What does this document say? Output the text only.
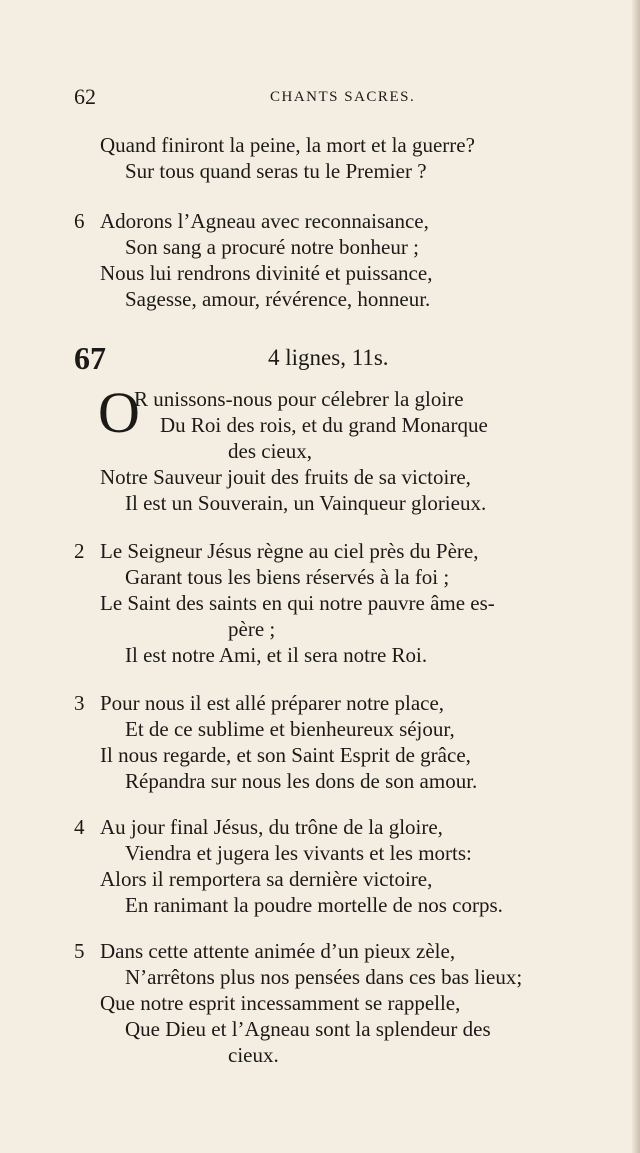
62	CHANTS SACRES.
Quand finiront la peine, la mort et la guerre?
Sur tous quand seras tu le Premier ?
6 Adorons l’Agneau avec reconnaisance,
Son sang a procuré notre bonheur ;
Nous lui rendrons divinité et puissance,
Sagesse, amour, révérence, honneur.
67	4 lignes, 11s.
O
R unissons-nous pour célebrer la gloire
Du Roi des rois, et du grand Monarque
des cieux,
Notre Sauveur jouit des fruits de sa victoire,
Il est un Souverain, un Vainqueur glorieux.
2 Le Seigneur Jésus règne au ciel près du Père,
Garant tous les biens réservés à la foi ;
Le Saint des saints en qui notre pauvre âme es-
père ;
Il est notre Ami, et il sera notre Roi.
3 Pour nous il est allé préparer notre place,
Et de ce sublime et bienheureux séjour,
Il nous regarde, et son Saint Esprit de grâce,
Répandra sur nous les dons de son amour.
4 Au jour final Jésus, du trône de la gloire,
Viendra et jugera les vivants et les morts:
Alors il remportera sa dernière victoire,
En ranimant la poudre mortelle de nos corps.
5 Dans cette attente animée d’un pieux zèle,
N’arrêtons plus nos pensées dans ces bas lieux;
Que notre esprit incessamment se rappelle,
Que Dieu et l’Agneau sont la splendeur des
cieux.
